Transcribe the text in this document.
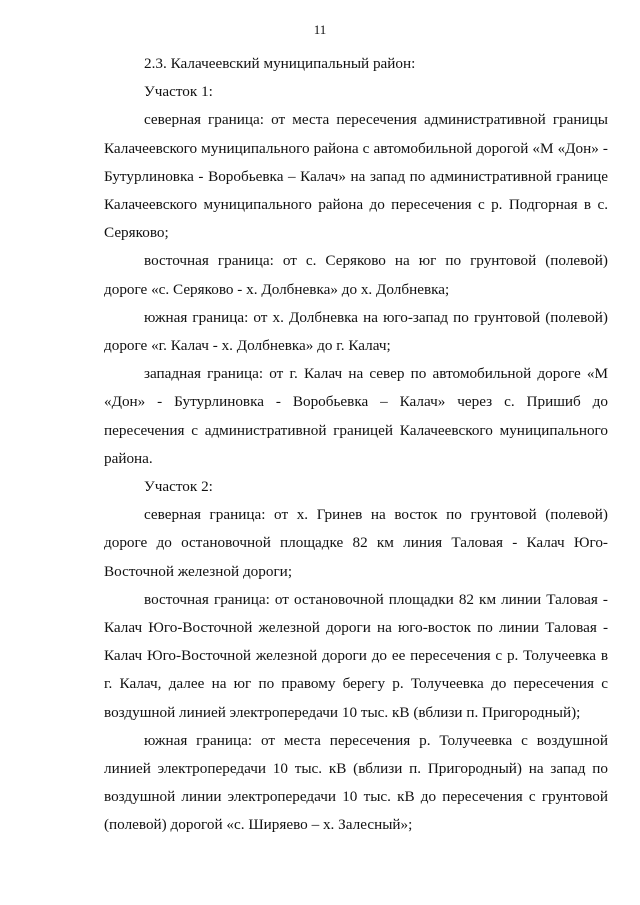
11

2.3. Калачеевский муниципальный район:

Участок 1:

северная граница: от места пересечения административной границы Калачеевского муниципального района с автомобильной дорогой «М «Дон» - Бутурлиновка - Воробьевка – Калач» на запад по административной границе Калачеевского муниципального района до пересечения с р. Подгорная в с. Серяково;

восточная граница: от с. Серяково на юг по грунтовой (полевой) дороге «с. Серяково - х. Долбневка» до х. Долбневка;

южная граница: от х. Долбневка на юго-запад по грунтовой (полевой) дороге «г. Калач - х. Долбневка» до г. Калач;

западная граница: от г. Калач на север по автомобильной дороге «М «Дон» - Бутурлиновка - Воробьевка – Калач» через с. Пришиб до пересечения с административной границей Калачеевского муниципального района.

Участок 2:

северная граница: от х. Гринев на восток по грунтовой (полевой) дороге до остановочной площадке 82 км линия Таловая - Калач Юго-Восточной железной дороги;

восточная граница: от остановочной площадки 82 км линии Таловая - Калач Юго-Восточной железной дороги на юго-восток по линии Таловая - Калач Юго-Восточной железной дороги до ее пересечения с р. Толучеевка в г. Калач, далее на юг по правому берегу р. Толучеевка до пересечения с воздушной линией электропередачи 10 тыс. кВ (вблизи п. Пригородный);

южная граница: от места пересечения р. Толучеевка с воздушной линией электропередачи 10 тыс. кВ (вблизи п. Пригородный) на запад по воздушной линии электропередачи 10 тыс. кВ до пересечения с грунтовой (полевой) дорогой «с. Ширяево – х. Залесный»;
